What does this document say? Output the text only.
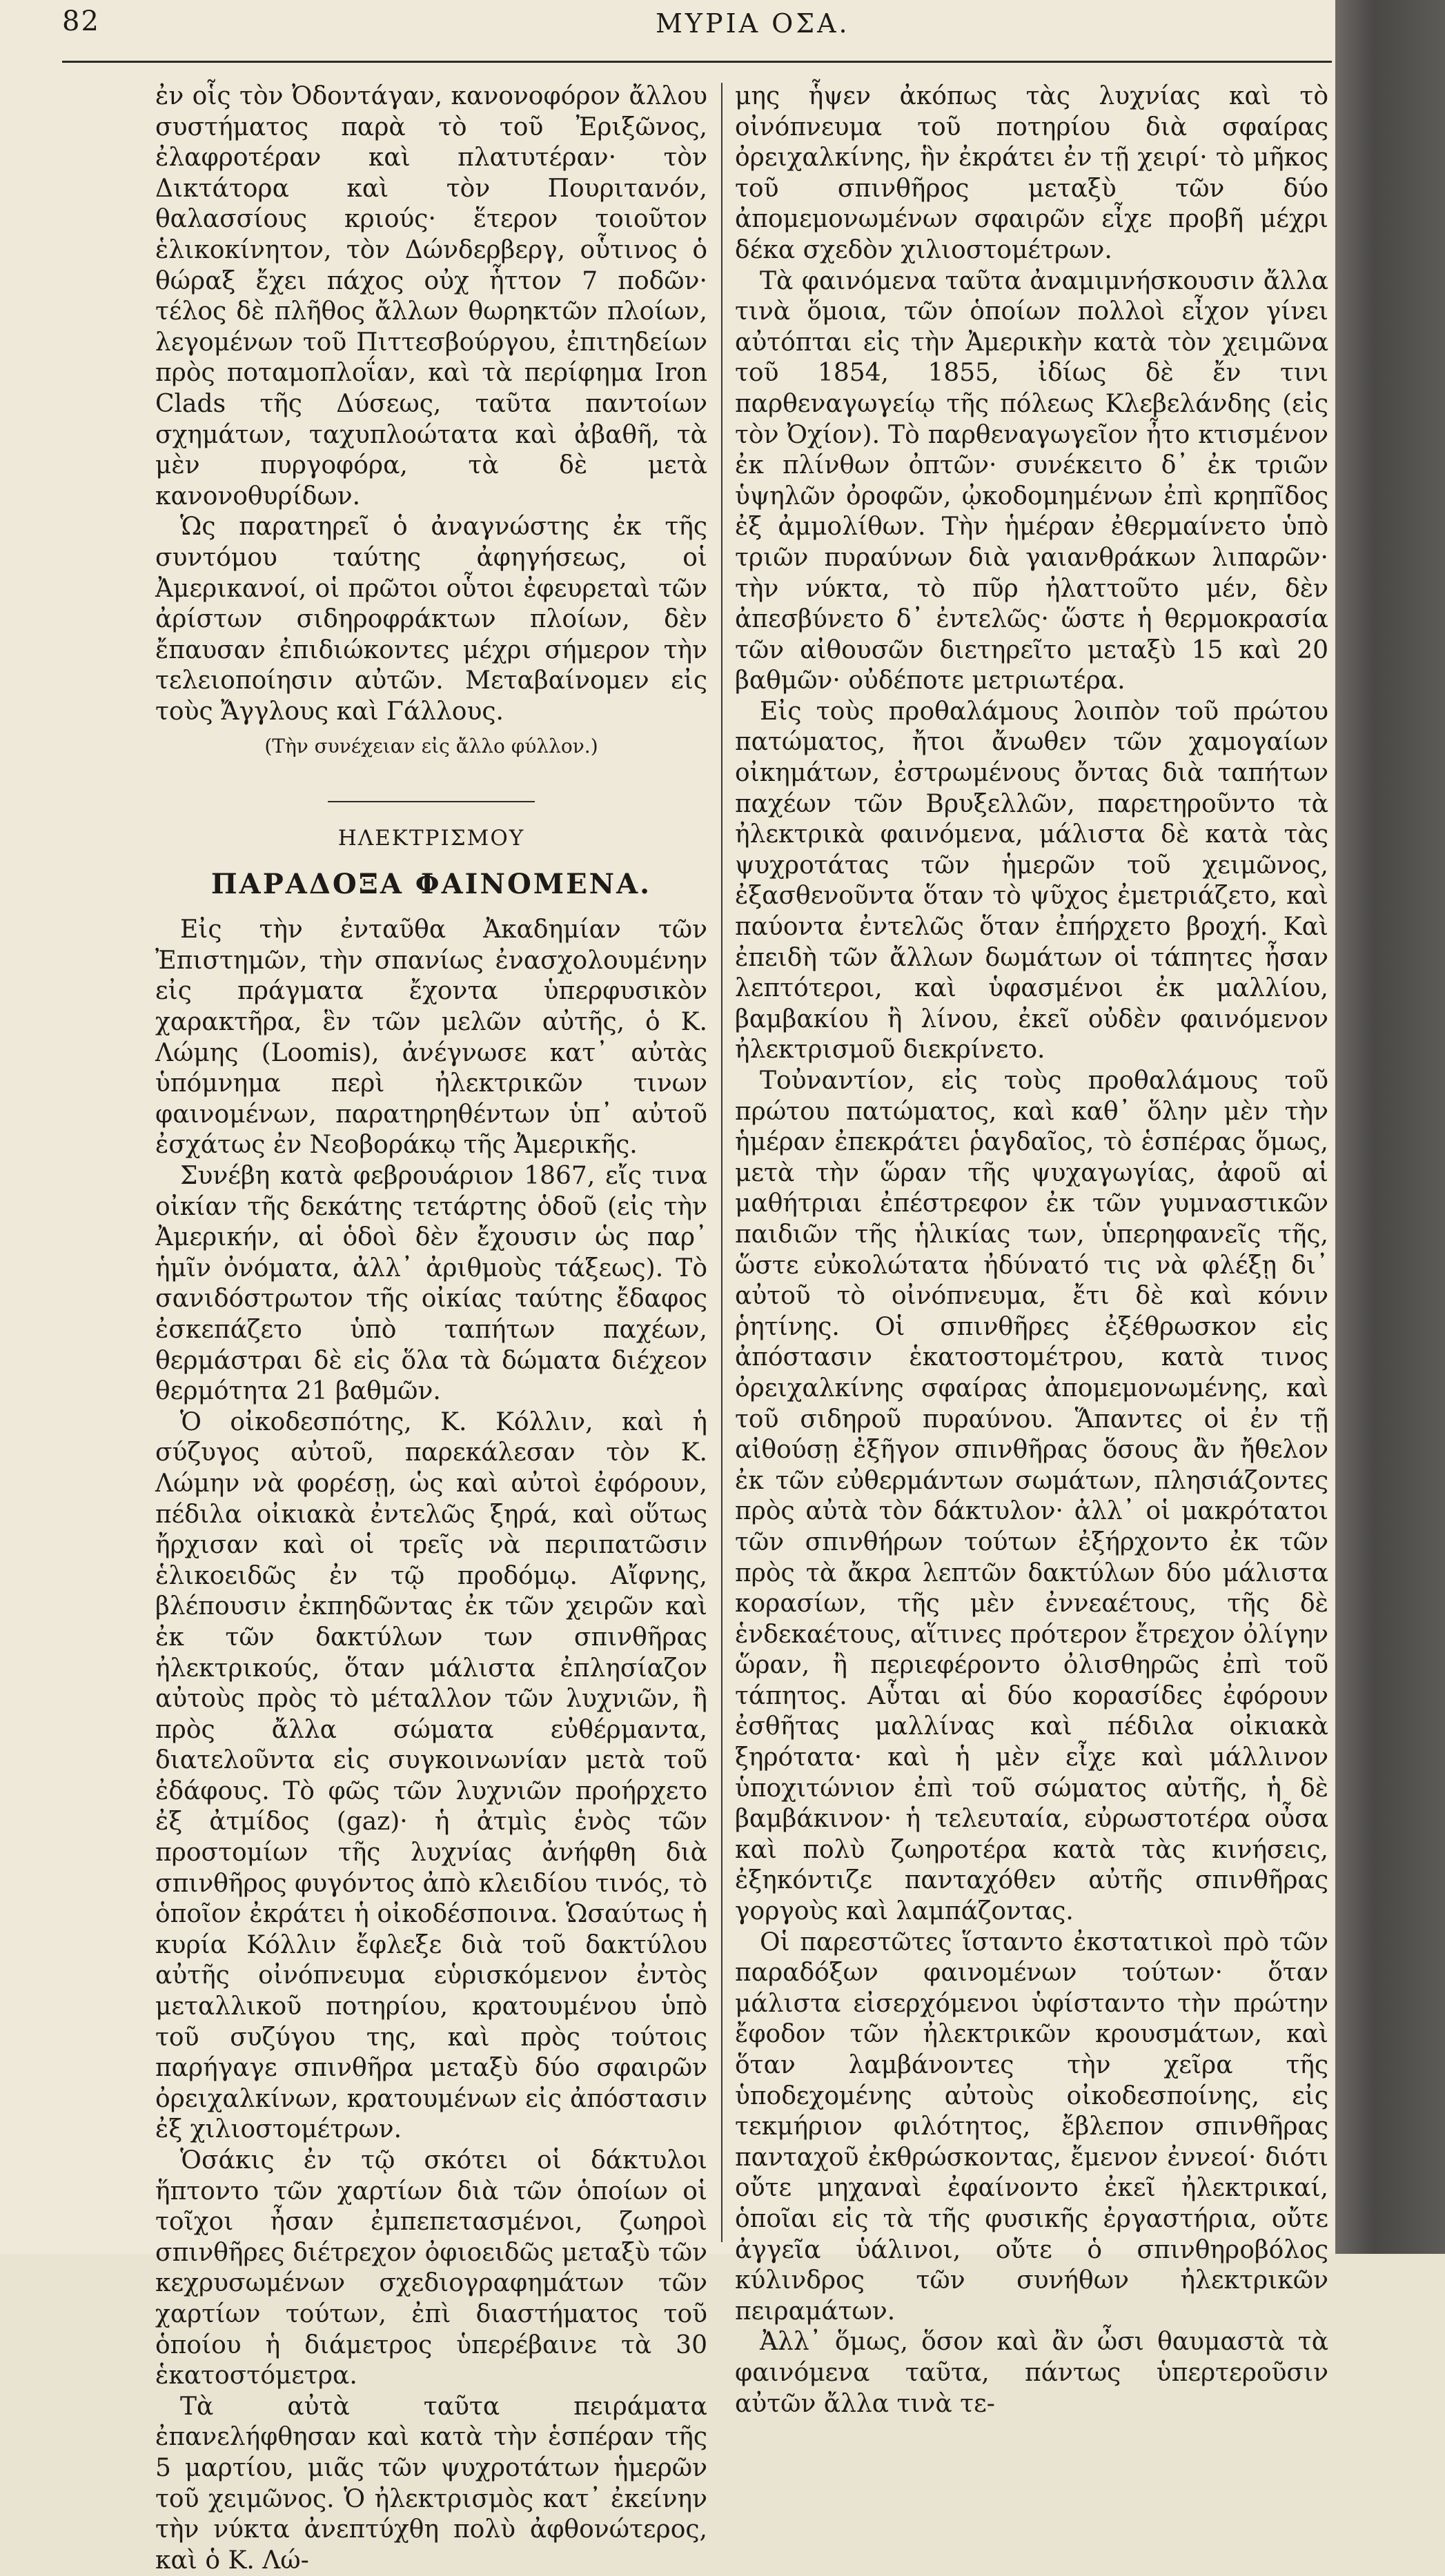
82	ΜΥΡΙΑ ΟΣΑ.

ἐν οἷς τὸν Ὀδοντάγαν, κανονοφόρον ἄλλου συστήματος παρὰ τὸ τοῦ Ἐριξῶνος, ἐλαφροτέραν καὶ πλατυτέραν· τὸν Δικτάτορα καὶ τὸν Πουριτανόν, θαλασσίους κριούς· ἕτερον τοιοῦτον ἑλικοκίνητον, τὸν Δώνδερβεργ, οὗτινος ὁ θώραξ ἔχει πάχος οὐχ ἧττον 7 ποδῶν· τέλος δὲ πλῆθος ἄλλων θωρηκτῶν πλοίων, λεγομένων τοῦ Πιττεσβούργου, ἐπιτηδείων πρὸς ποταμοπλοΐαν, καὶ τὰ περίφημα Iron Clads τῆς Δύσεως, ταῦτα παντοίων σχημάτων, ταχυπλοώτατα καὶ ἀβαθῆ, τὰ μὲν πυργοφόρα, τὰ δὲ μετὰ κανονοθυρίδων.

Ὡς παρατηρεῖ ὁ ἀναγνώστης ἐκ τῆς συντόμου ταύτης ἀφηγήσεως, οἱ Ἀμερικανοί, οἱ πρῶτοι οὗτοι ἐφευρεταὶ τῶν ἀρίστων σιδηροφράκτων πλοίων, δὲν ἔπαυσαν ἐπιδιώκοντες μέχρι σήμερον τὴν τελειοποίησιν αὐτῶν. Μεταβαίνομεν εἰς τοὺς Ἄγγλους καὶ Γάλλους.

(Τὴν συνέχειαν εἰς ἄλλο φύλλον.)

ΗΛΕΚΤΡΙΣΜΟΥ

ΠΑΡΑΔΟΞΑ ΦΑΙΝΟΜΕΝΑ.

Εἰς τὴν ἐνταῦθα Ἀκαδημίαν τῶν Ἐπιστημῶν, τὴν σπανίως ἐνασχολουμένην εἰς πράγματα ἔχοντα ὑπερφυσικὸν χαρακτῆρα, ἓν τῶν μελῶν αὐτῆς, ὁ Κ. Λώμης (Loomis), ἀνέγνωσε κατ᾽ αὐτὰς ὑπόμνημα περὶ ἠλεκτρικῶν τινων φαινομένων, παρατηρηθέντων ὑπ᾽ αὐτοῦ ἐσχάτως ἐν Νεοβοράκῳ τῆς Ἀμερικῆς.

Συνέβη κατὰ φεβρουάριον 1867, εἴς τινα οἰκίαν τῆς δεκάτης τετάρτης ὁδοῦ (εἰς τὴν Ἀμερικήν, αἱ ὁδοὶ δὲν ἔχουσιν ὡς παρ᾽ ἡμῖν ὀνόματα, ἀλλ᾽ ἀριθμοὺς τάξεως). Τὸ σανιδόστρωτον τῆς οἰκίας ταύτης ἔδαφος ἐσκεπάζετο ὑπὸ ταπήτων παχέων, θερμάστραι δὲ εἰς ὅλα τὰ δώματα διέχεον θερμότητα 21 βαθμῶν.

Ὁ οἰκοδεσπότης, Κ. Κόλλιν, καὶ ἡ σύζυγος αὐτοῦ, παρεκάλεσαν τὸν Κ. Λώμην νὰ φορέσῃ, ὡς καὶ αὐτοὶ ἐφόρουν, πέδιλα οἰκιακὰ ἐντελῶς ξηρά, καὶ οὕτως ἤρχισαν καὶ οἱ τρεῖς νὰ περιπατῶσιν ἑλικοειδῶς ἐν τῷ προδόμῳ. Αἴφνης, βλέπουσιν ἐκπηδῶντας ἐκ τῶν χειρῶν καὶ ἐκ τῶν δακτύλων των σπινθῆρας ἠλεκτρικούς, ὅταν μάλιστα ἐπλησίαζον αὐτοὺς πρὸς τὸ μέταλλον τῶν λυχνιῶν, ἢ πρὸς ἄλλα σώματα εὐθέρμαντα, διατελοῦντα εἰς συγκοινωνίαν μετὰ τοῦ ἐδάφους. Τὸ φῶς τῶν λυχνιῶν προήρχετο ἐξ ἀτμίδος (gaz)· ἡ ἀτμὶς ἑνὸς τῶν προστομίων τῆς λυχνίας ἀνήφθη διὰ σπινθῆρος φυγόντος ἀπὸ κλειδίου τινός, τὸ ὁποῖον ἐκράτει ἡ οἰκοδέσποινα. Ὡσαύτως ἡ κυρία Κόλλιν ἔφλεξε διὰ τοῦ δακτύλου αὐτῆς οἰνόπνευμα εὑρισκόμενον ἐντὸς μεταλλικοῦ ποτηρίου, κρατουμένου ὑπὸ τοῦ συζύγου της, καὶ πρὸς τούτοις παρήγαγε σπινθῆρα μεταξὺ δύο σφαιρῶν ὀρειχαλκίνων, κρατουμένων εἰς ἀπόστασιν ἐξ χιλιοστομέτρων.

Ὁσάκις ἐν τῷ σκότει οἱ δάκτυλοι ἥπτοντο τῶν χαρτίων διὰ τῶν ὁποίων οἱ τοῖχοι ἦσαν ἐμπεπετασμένοι, ζωηροὶ σπινθῆρες διέτρεχον ὀφιοειδῶς μεταξὺ τῶν κεχρυσωμένων σχεδιογραφημάτων τῶν χαρτίων τούτων, ἐπὶ διαστήματος τοῦ ὁποίου ἡ διάμετρος ὑπερέβαινε τὰ 30 ἑκατοστόμετρα.

Τὰ αὐτὰ ταῦτα πειράματα ἐπανελήφθησαν καὶ κατὰ τὴν ἑσπέραν τῆς 5 μαρτίου, μιᾶς τῶν ψυχροτάτων ἡμερῶν τοῦ χειμῶνος. Ὁ ἠλεκτρισμὸς κατ᾽ ἐκείνην τὴν νύκτα ἀνεπτύχθη πολὺ ἀφθονώτερος, καὶ ὁ Κ. Λώ-

μης ἧψεν ἀκόπως τὰς λυχνίας καὶ τὸ οἰνόπνευμα τοῦ ποτηρίου διὰ σφαίρας ὀρειχαλκίνης, ἣν ἐκράτει ἐν τῇ χειρί· τὸ μῆκος τοῦ σπινθῆρος μεταξὺ τῶν δύο ἀπομεμονωμένων σφαιρῶν εἶχε προβῆ μέχρι δέκα σχεδὸν χιλιοστομέτρων.

Τὰ φαινόμενα ταῦτα ἀναμιμνήσκουσιν ἄλλα τινὰ ὅμοια, τῶν ὁποίων πολλοὶ εἶχον γίνει αὐτόπται εἰς τὴν Ἀμερικὴν κατὰ τὸν χειμῶνα τοῦ 1854, 1855, ἰδίως δὲ ἔν τινι παρθεναγωγείῳ τῆς πόλεως Κλεβελάνδης (εἰς τὸν Ὀχίον). Τὸ παρθεναγωγεῖον ἦτο κτισμένον ἐκ πλίνθων ὀπτῶν· συνέκειτο δ᾽ ἐκ τριῶν ὑψηλῶν ὀροφῶν, ᾠκοδομημένων ἐπὶ κρηπῖδος ἐξ ἀμμολίθων. Τὴν ἡμέραν ἐθερμαίνετο ὑπὸ τριῶν πυραύνων διὰ γαιανθράκων λιπαρῶν· τὴν νύκτα, τὸ πῦρ ἠλαττοῦτο μέν, δὲν ἀπεσβύνετο δ᾽ ἐντελῶς· ὥστε ἡ θερμοκρασία τῶν αἰθουσῶν διετηρεῖτο μεταξὺ 15 καὶ 20 βαθμῶν· οὐδέποτε μετριωτέρα.

Εἰς τοὺς προθαλάμους λοιπὸν τοῦ πρώτου πατώματος, ἤτοι ἄνωθεν τῶν χαμογαίων οἰκημάτων, ἐστρωμένους ὄντας διὰ ταπήτων παχέων τῶν Βρυξελλῶν, παρετηροῦντο τὰ ἠλεκτρικὰ φαινόμενα, μάλιστα δὲ κατὰ τὰς ψυχροτάτας τῶν ἡμερῶν τοῦ χειμῶνος, ἐξασθενοῦντα ὅταν τὸ ψῦχος ἐμετριάζετο, καὶ παύοντα ἐντελῶς ὅταν ἐπήρχετο βροχή. Καὶ ἐπειδὴ τῶν ἄλλων δωμάτων οἱ τάπητες ἦσαν λεπτότεροι, καὶ ὑφασμένοι ἐκ μαλλίου, βαμβακίου ἢ λίνου, ἐκεῖ οὐδὲν φαινόμενον ἠλεκτρισμοῦ διεκρίνετο.

Τοὐναντίον, εἰς τοὺς προθαλάμους τοῦ πρώτου πατώματος, καὶ καθ᾽ ὅλην μὲν τὴν ἡμέραν ἐπεκράτει ῥαγδαῖος, τὸ ἑσπέρας ὅμως, μετὰ τὴν ὥραν τῆς ψυχαγωγίας, ἀφοῦ αἱ μαθήτριαι ἐπέστρεφον ἐκ τῶν γυμναστικῶν παιδιῶν τῆς ἡλικίας των, ὑπερηφανεῖς τῆς, ὥστε εὐκολώτατα ἠδύνατό τις νὰ φλέξῃ δι᾽ αὐτοῦ τὸ οἰνόπνευμα, ἔτι δὲ καὶ κόνιν ῥητίνης. Οἱ σπινθῆρες ἐξέθρωσκον εἰς ἀπόστασιν ἑκατοστομέτρου, κατὰ τινος ὀρειχαλκίνης σφαίρας ἀπομεμονωμένης, καὶ τοῦ σιδηροῦ πυραύνου. Ἅπαντες οἱ ἐν τῇ αἰθούσῃ ἐξῆγον σπινθῆρας ὅσους ἂν ἤθελον ἐκ τῶν εὐθερμάντων σωμάτων, πλησιάζοντες πρὸς αὐτὰ τὸν δάκτυλον· ἀλλ᾽ οἱ μακρότατοι τῶν σπινθήρων τούτων ἐξήρχοντο ἐκ τῶν πρὸς τὰ ἄκρα λεπτῶν δακτύλων δύο μάλιστα κορασίων, τῆς μὲν ἐννεαέτους, τῆς δὲ ἑνδεκαέτους, αἵτινες πρότερον ἔτρεχον ὀλίγην ὥραν, ἢ περιεφέροντο ὀλισθηρῶς ἐπὶ τοῦ τάπητος. Αὗται αἱ δύο κορασίδες ἐφόρουν ἐσθῆτας μαλλίνας καὶ πέδιλα οἰκιακὰ ξηρότατα· καὶ ἡ μὲν εἶχε καὶ μάλλινον ὑποχιτώνιον ἐπὶ τοῦ σώματος αὐτῆς, ἡ δὲ βαμβάκινον· ἡ τελευταία, εὐρωστοτέρα οὖσα καὶ πολὺ ζωηροτέρα κατὰ τὰς κινήσεις, ἐξηκόντιζε πανταχόθεν αὐτῆς σπινθῆρας γοργοὺς καὶ λαμπάζοντας.

Οἱ παρεστῶτες ἵσταντο ἐκστατικοὶ πρὸ τῶν παραδόξων φαινομένων τούτων· ὅταν μάλιστα εἰσερχόμενοι ὑφίσταντο τὴν πρώτην ἔφοδον τῶν ἠλεκτρικῶν κρουσμάτων, καὶ ὅταν λαμβάνοντες τὴν χεῖρα τῆς ὑποδεχομένης αὐτοὺς οἰκοδεσποίνης, εἰς τεκμήριον φιλότητος, ἔβλεπον σπινθῆρας πανταχοῦ ἐκθρώσκοντας, ἔμενον ἐννεοί· διότι οὔτε μηχαναὶ ἐφαίνοντο ἐκεῖ ἠλεκτρικαί, ὁποῖαι εἰς τὰ τῆς φυσικῆς ἐργαστήρια, οὔτε ἀγγεῖα ὑάλινοι, οὔτε ὁ σπινθηροβόλος κύλινδρος τῶν συνήθων ἠλεκτρικῶν πειραμάτων.

Ἀλλ᾽ ὅμως, ὅσον καὶ ἂν ὦσι θαυμαστὰ τὰ φαινόμενα ταῦτα, πάντως ὑπερτεροῦσιν αὐτῶν ἄλλα τινὰ τε-
